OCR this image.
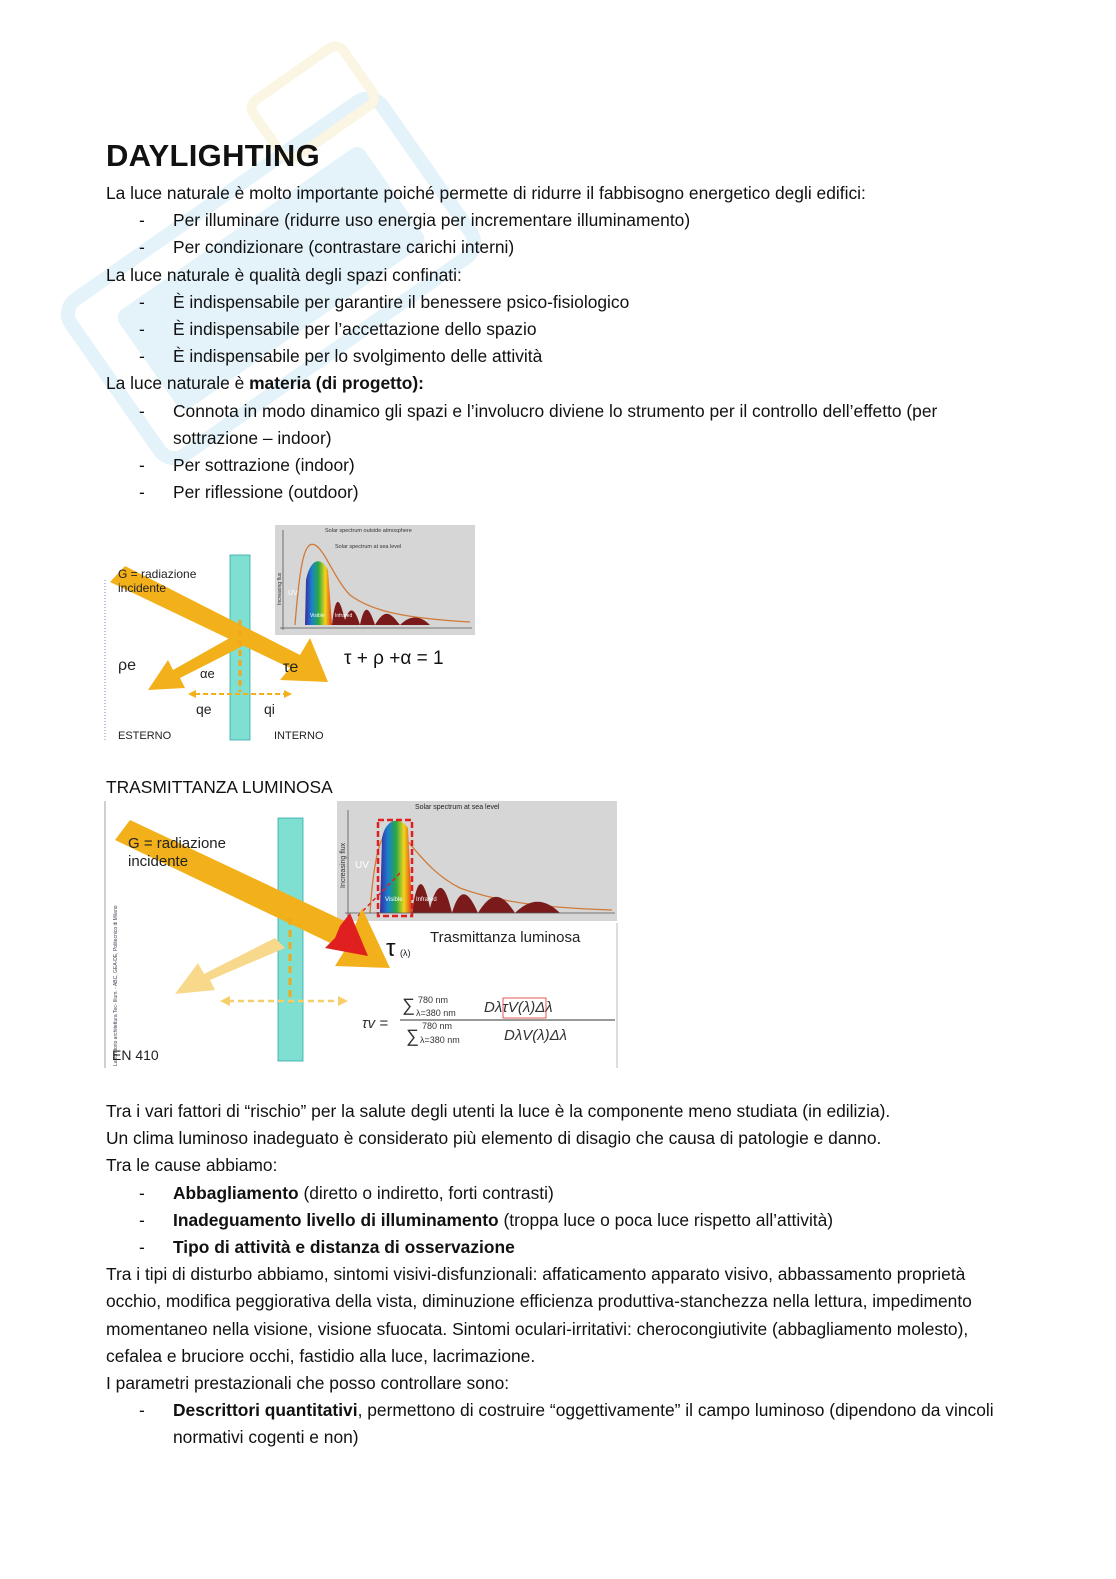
DAYLIGHTING

La luce naturale è molto importante poiché permette di ridurre il fabbisogno energetico degli edifici:

- Per illuminare (ridurre uso energia per incrementare illuminamento)
- Per condizionare (contrastare carichi interni)

La luce naturale è qualità degli spazi confinati:

- È indispensabile per garantire il benessere psico-fisiologico
- È indispensabile per l’accettazione dello spazio
- È indispensabile per lo svolgimento delle attività

La luce naturale è materia (di progetto):

- Connota in modo dinamico gli spazi e l’involucro diviene lo strumento per il controllo dell’effetto (per sottrazione – indoor)
- Per sottrazione (indoor)
- Per riflessione (outdoor)
Solar spectrum outside atmosphere
Solar spectrum at sea level
Increasing flux UV
Visible Infrared
G = radiazione
incidente
ρe	αe	τe
qe	qi
ESTERNO	INTERNO
τ + ρ +α = 1
TRASMITTANZA LUMINOSA
Solar spectrum at sea level
Increasing flux UV
Visible Infrared
G = radiazione
incidente
τ (λ)
Trasmittanza luminosa
Laboratorio architettura Tec- Illum. - ABC, GEA-DE, Politecnico di Milano
EN 410
τv =
∑ 780 nm
λ=380 nm DλτV(λ)Δλ
∑ 780 nm
λ=380 nm	DλV(λ)Δλ

Tra i vari fattori di “rischio” per la salute degli utenti la luce è la componente meno studiata (in edilizia).

Un clima luminoso inadeguato è considerato più elemento di disagio che causa di patologie e danno.

Tra le cause abbiamo:

- Abbagliamento (diretto o indiretto, forti contrasti)
- Inadeguamento livello di illuminamento (troppa luce o poca luce rispetto all’attività)
- Tipo di attività e distanza di osservazione

Tra i tipi di disturbo abbiamo, sintomi visivi-disfunzionali: affaticamento apparato visivo, abbassamento proprietà occhio, modifica peggiorativa della vista, diminuzione efficienza produttiva-stanchezza nella lettura, impedimento momentaneo nella visione, visione sfuocata. Sintomi oculari-irritativi: cherocongiutivite (abbagliamento molesto), cefalea e bruciore occhi, fastidio alla luce, lacrimazione.

I parametri prestazionali che posso controllare sono:

- Descrittori quantitativi, permettono di costruire “oggettivamente” il campo luminoso (dipendono da vincoli normativi cogenti e non)
